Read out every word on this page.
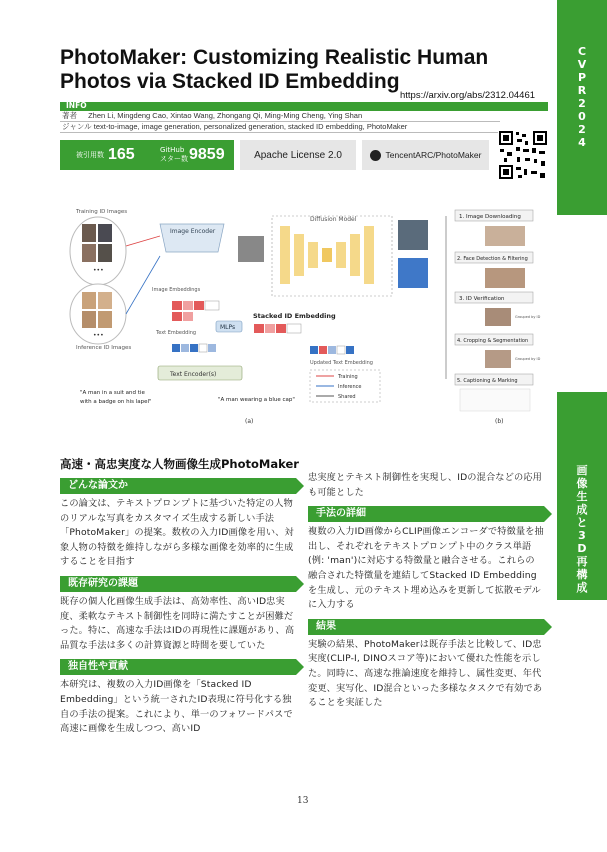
CVPR2024
画像生成と3D再構成
PhotoMaker: Customizing Realistic Human Photos via Stacked ID Embedding
https://arxiv.org/abs/2312.04461
INFO
著者 Zhen Li, Mingdeng Cao, Xintao Wang, Zhongang Qi, Ming-Ming Cheng, Ying Shan
ジャンル text-to-image, image generation, personalized generation, stacked ID embedding, PhotoMaker
被引用数 165	GitHub
スター数 9859	Apache License 2.0	TencentARC/PhotoMaker
Training ID Images
•••
•••
Inference ID Images
Image Encoder
Image Embeddings
Text Embedding
MLPs
Text Encoder(s)
"A man in a suit and tie
with a badge on his lapel"	"A man wearing a blue cap"
Diffusion Model
Stacked ID Embedding
Updated Text Embedding
Training
Inference
Shared
(a)
1. Image Downloading
2. Face Detection & Filtering
3. ID Verification
Grouped by ID
4. Cropping & Segmentation
Grouped by ID
5. Captioning & Marking
(b)
高速・高忠実度な人物画像生成PhotoMaker
どんな論文か

この論文は、テキストプロンプトに基づいた特定の人物のリアルな写真をカスタマイズ生成する新しい手法「PhotoMaker」の提案。数枚の入力ID画像を用い、対象人物の特徴を維持しながら多様な画像を効率的に生成することを目指す

既存研究の課題

既存の個人化画像生成手法は、高効率性、高いID忠実度、柔軟なテキスト制御性を同時に満たすことが困難だった。特に、高速な手法はIDの再現性に課題があり、高品質な手法は多くの計算資源と時間を要していた

独自性や貢献

本研究は、複数の入力ID画像を「Stacked ID Embedding」という統一されたID表現に符号化する独自の手法の提案。これにより、単一のフォワードパスで高速に画像を生成しつつ、高いID

忠実度とテキスト制御性を実現し、IDの混合などの応用も可能とした

手法の詳細

複数の入力ID画像からCLIP画像エンコーダで特徴量を抽出し、それぞれをテキストプロンプト中のクラス単語(例: 'man')に対応する特徴量と融合させる。これらの融合された特徴量を連結してStacked ID Embeddingを生成し、元のテキスト埋め込みを更新して拡散モデルに入力する

結果

実験の結果、PhotoMakerは既存手法と比較して、ID忠実度(CLIP-I, DINOスコア等)において優れた性能を示した。同時に、高速な推論速度を維持し、属性変更、年代変更、実写化、ID混合といった多様なタスクで有効であることを実証した

13
